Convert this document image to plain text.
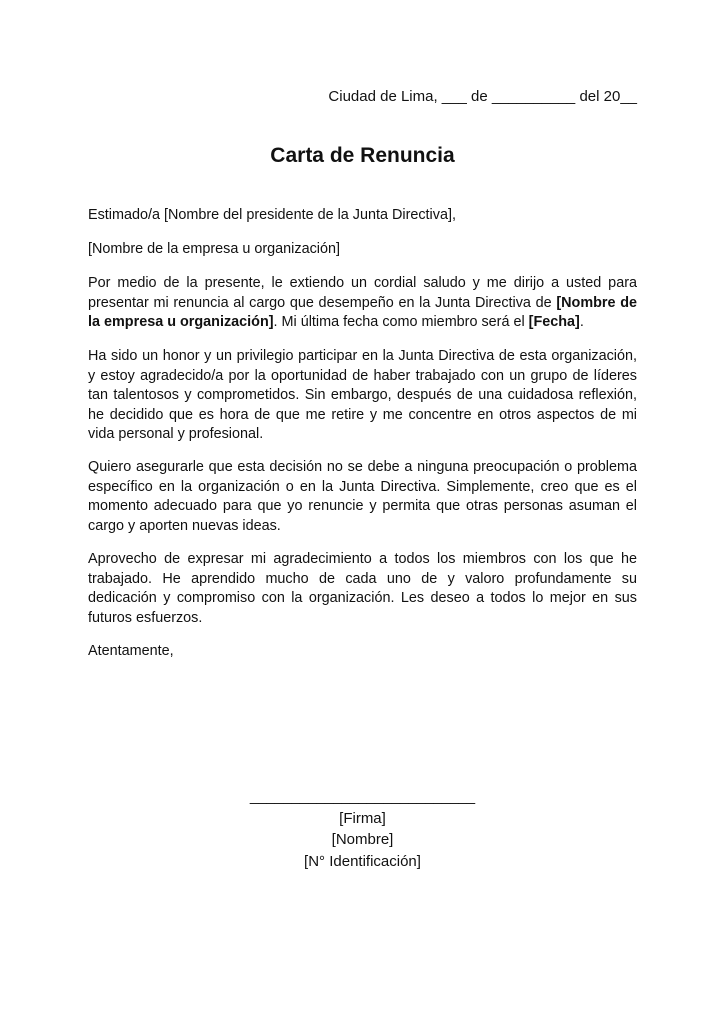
Ciudad de Lima, ___ de __________ del 20__
Carta de Renuncia

Estimado/a [Nombre del presidente de la Junta Directiva],

[Nombre de la empresa u organización]

Por medio de la presente, le extiendo un cordial saludo y me dirijo a usted para presentar mi renuncia al cargo que desempeño en la Junta Directiva de [Nombre de la empresa u organización]. Mi última fecha como miembro será el [Fecha].

Ha sido un honor y un privilegio participar en la Junta Directiva de esta organización, y estoy agradecido/a por la oportunidad de haber trabajado con un grupo de líderes tan talentosos y comprometidos. Sin embargo, después de una cuidadosa reflexión, he decidido que es hora de que me retire y me concentre en otros aspectos de mi vida personal y profesional.

Quiero asegurarle que esta decisión no se debe a ninguna preocupación o problema específico en la organización o en la Junta Directiva. Simplemente, creo que es el momento adecuado para que yo renuncie y permita que otras personas asuman el cargo y aporten nuevas ideas.

Aprovecho de expresar mi agradecimiento a todos los miembros con los que he trabajado. He aprendido mucho de cada uno de y valoro profundamente su dedicación y compromiso con la organización. Les deseo a todos lo mejor en sus futuros esfuerzos.

Atentamente,

___________________________
[Firma]
[Nombre]
[N° Identificación]
